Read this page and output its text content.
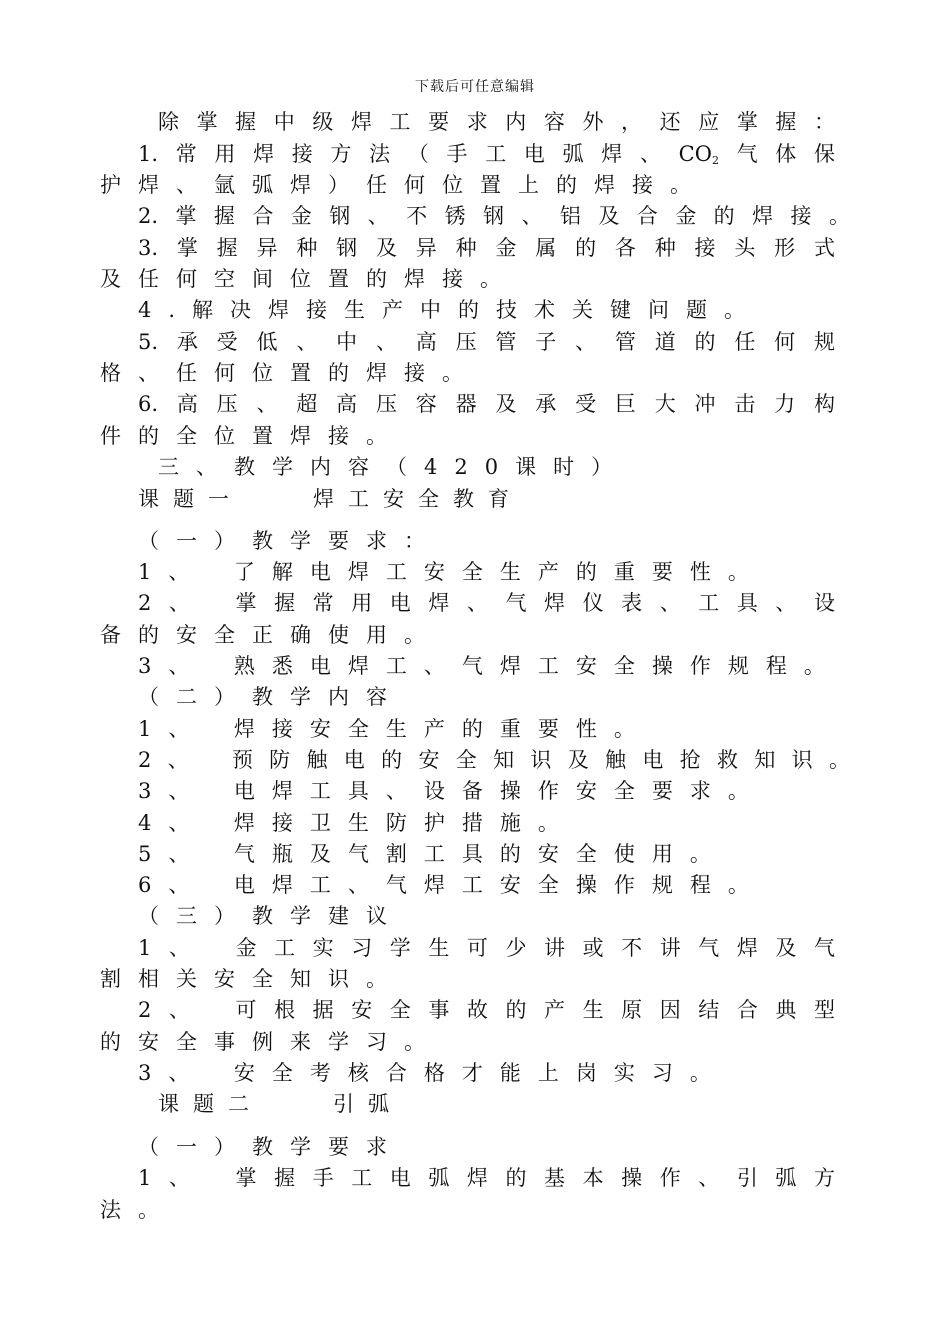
下载后可任意编辑
除掌握中级焊工要求内容外，还应掌握：
1.常用焊接方法（手工电弧焊、$CO_2$气体保
护焊、氩弧焊）任何位置上的焊接。
2.掌握合金钢、不锈钢、铝及合金的焊接。
3.掌握异种钢及异种金属的各种接头形式
及任何空间位置的焊接。
4.解决焊接生产中的技术关键问题。
5.承受低、中、高压管子、管道的任何规
格、任何位置的焊接。
6.高压、超高压容器及承受巨大冲击力构
件的全位置焊接。
三、教学内容（420课时）
课题一　　焊工安全教育
（一）教学要求：
1、　了解电焊工安全生产的重要性。
2、　掌握常用电焊、气焊仪表、工具、设
备的安全正确使用。
3、　熟悉电焊工、气焊工安全操作规程。
（二）教学内容
1、　焊接安全生产的重要性。
2、　预防触电的安全知识及触电抢救知识。
3、　电焊工具、设备操作安全要求。
4、　焊接卫生防护措施。
5、　气瓶及气割工具的安全使用。
6、　电焊工、气焊工安全操作规程。
（三）教学建议
1、　金工实习学生可少讲或不讲气焊及气
割相关安全知识。
2、　可根据安全事故的产生原因结合典型
的安全事例来学习。
3、　安全考核合格才能上岗实习。
课题二　　引弧
（一）教学要求
1、　掌握手工电弧焊的基本操作、引弧方
法。
